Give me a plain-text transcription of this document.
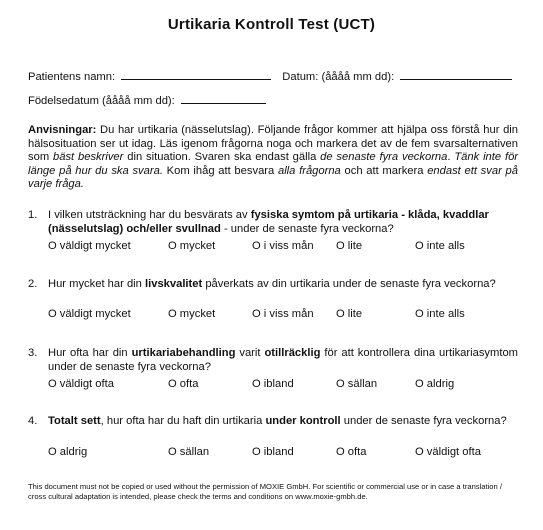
Urtikaria Kontroll Test (UCT)
Patientens namn:	Datum: (åååå mm dd):
Födelsedatum (åååå mm dd):
Anvisningar: Du har urtikaria (nässelutslag). Följande frågor kommer att hjälpa oss förstå hur din hälsosituation ser ut idag. Läs igenom frågorna noga och markera det av de fem svarsalternativen som bäst beskriver din situation. Svaren ska endast gälla de senaste fyra veckorna. Tänk inte för länge på hur du ska svara. Kom ihåg att besvara alla frågorna och att markera endast ett svar på varje fråga.
1. I vilken utsträckning har du besvärats av fysiska symtom på urtikaria - klåda, kvaddlar (nässelutslag) och/eller svullnad - under de senaste fyra veckorna?
O väldigt mycket	O mycket	O i viss mån O lite	O inte alls
2. Hur mycket har din livskvalitet påverkats av din urtikaria under de senaste fyra veckorna?
O väldigt mycket	O mycket	O i viss mån O lite	O inte alls
3. Hur ofta har din urtikariabehandling varit otillräcklig för att kontrollera dina urtikariasymtom under de senaste fyra veckorna?
O väldigt ofta	O ofta	O ibland	O sällan	O aldrig
4. Totalt sett, hur ofta har du haft din urtikaria under kontroll under de senaste fyra veckorna?
O aldrig	O sällan	O ibland	O ofta	O väldigt ofta
This document must not be copied or used without the permission of MOXIE GmbH. For scientific or commercial use or in case a translation / cross cultural adaptation is intended, please check the terms and conditions on www.moxie-gmbh.de.
